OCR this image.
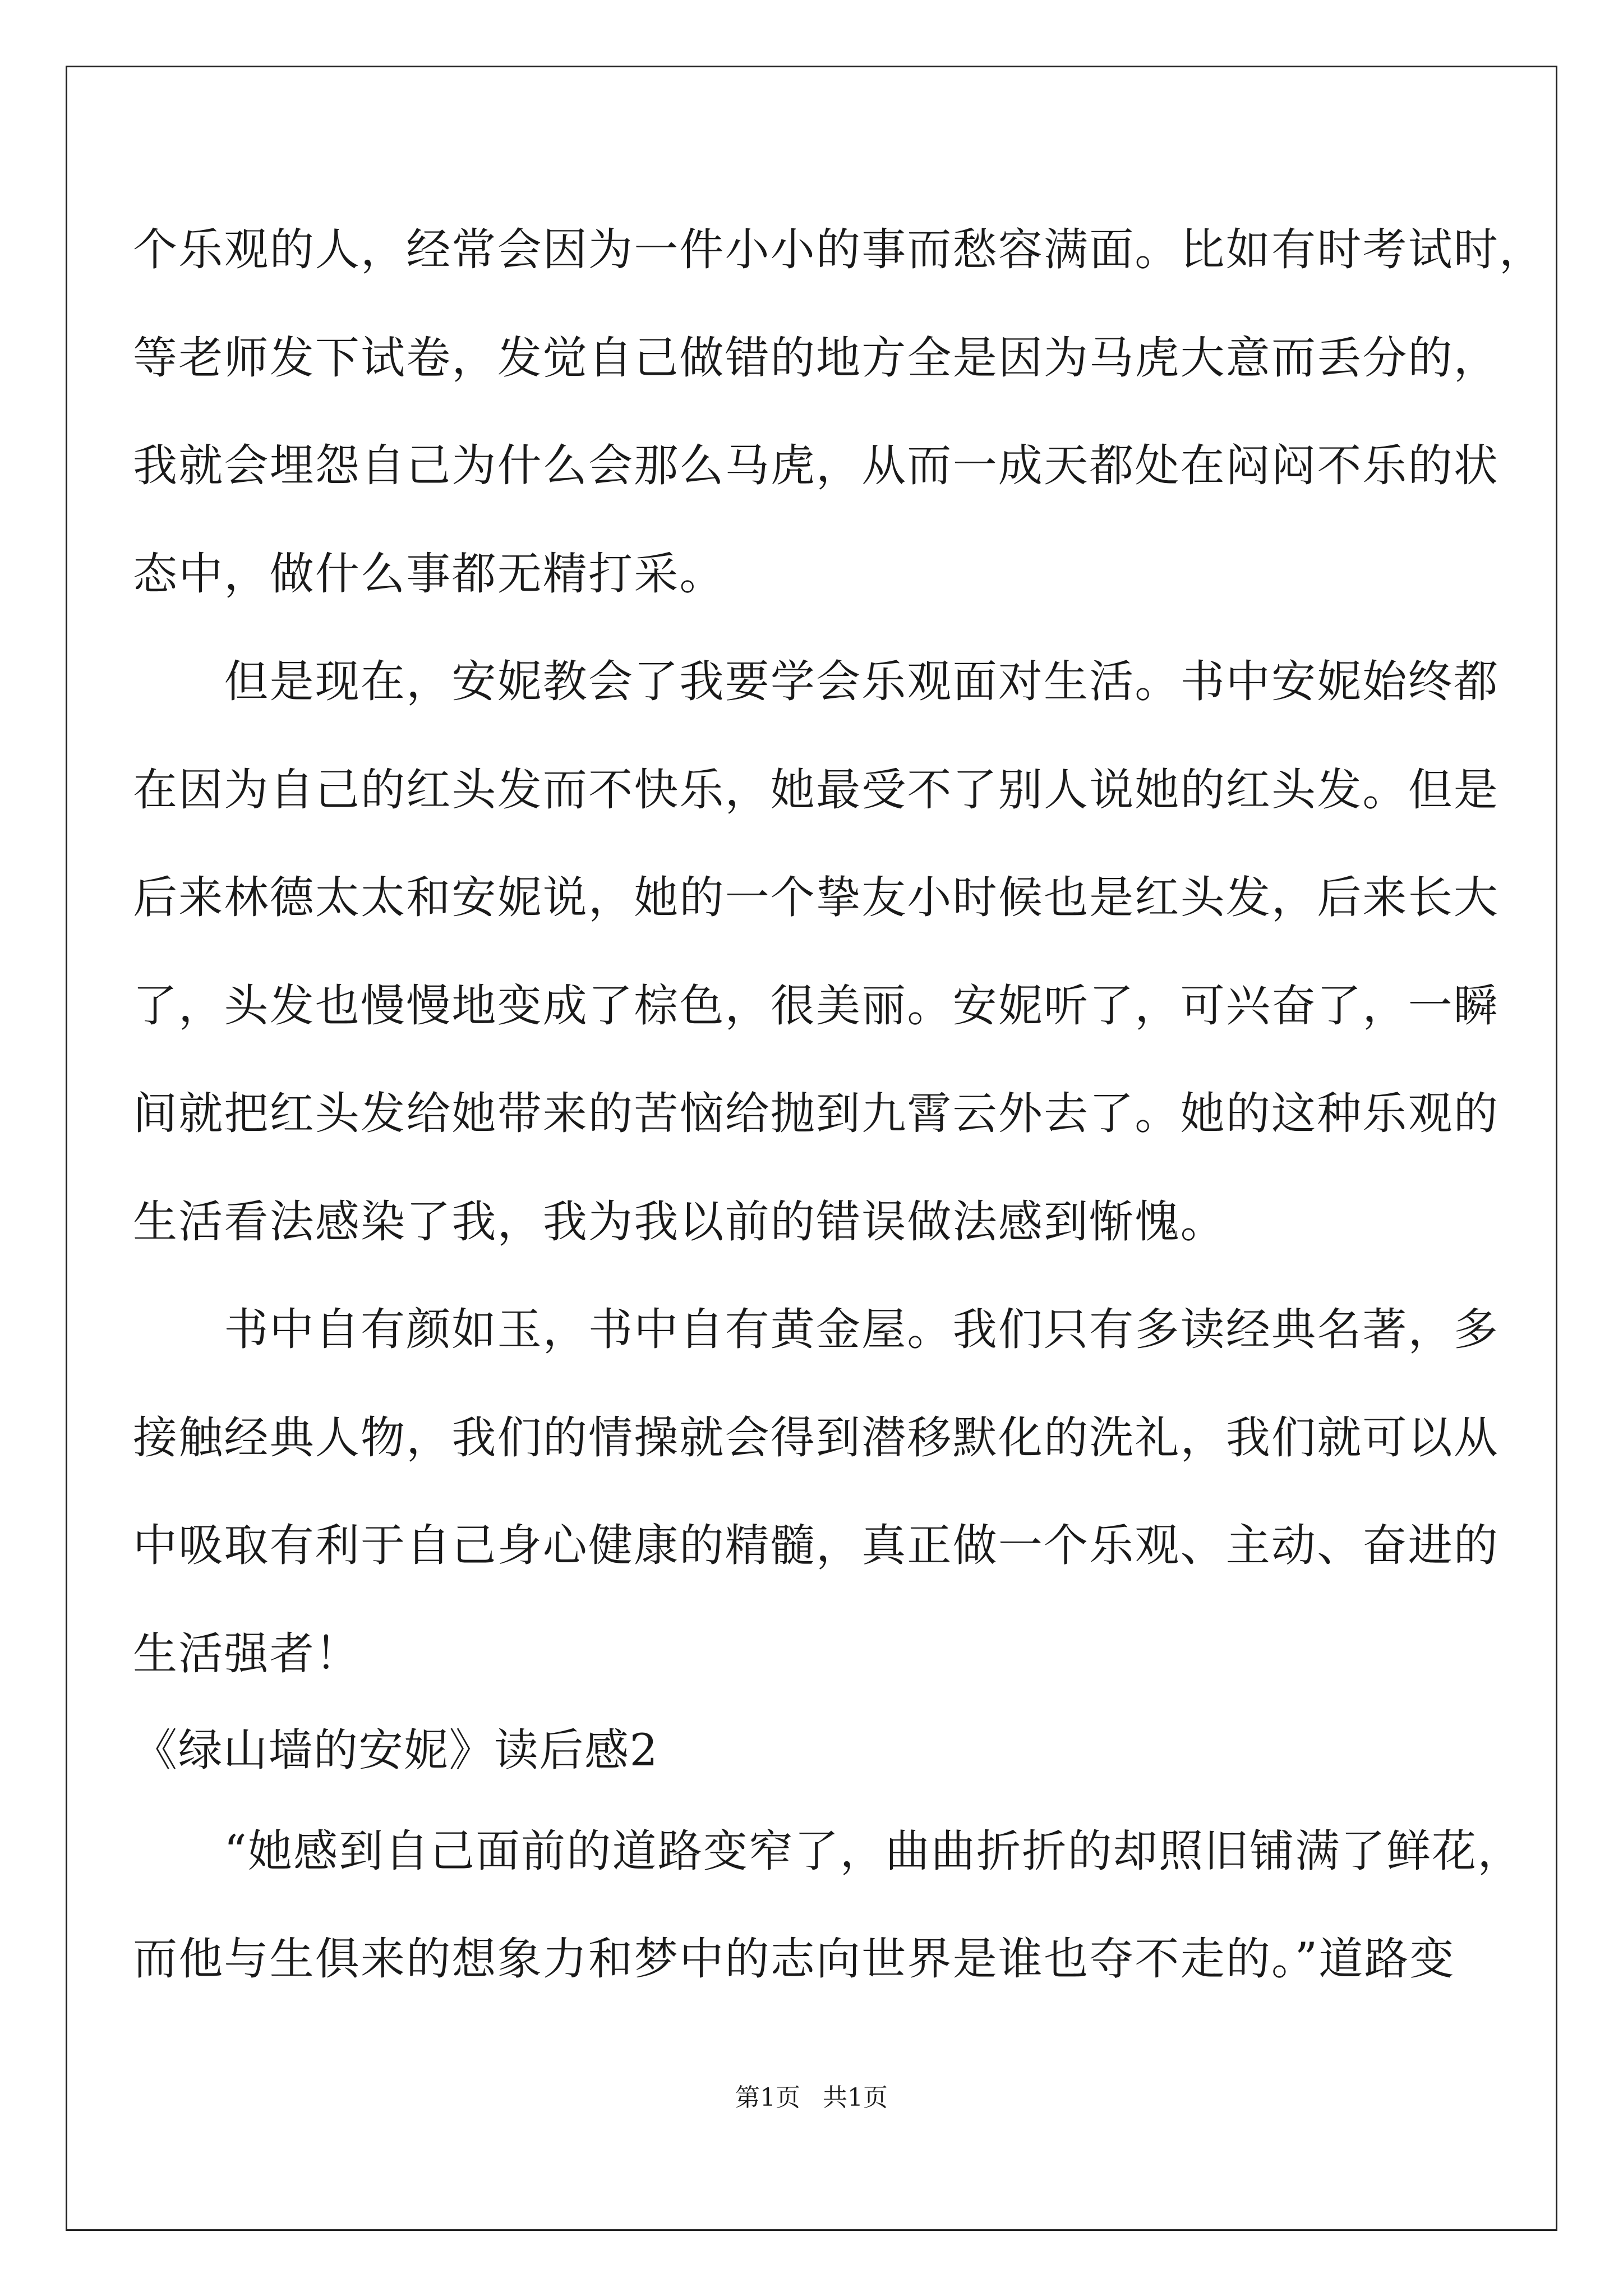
个乐观的人，经常会因为一件小小的事而愁容满面。比如有时考试时，
等老师发下试卷，发觉自己做错的地方全是因为马虎大意而丢分的，
我就会埋怨自己为什么会那么马虎，从而一成天都处在闷闷不乐的状
态中，做什么事都无精打采。
　　但是现在，安妮教会了我要学会乐观面对生活。书中安妮始终都
在因为自己的红头发而不快乐，她最受不了别人说她的红头发。但是
后来林德太太和安妮说，她的一个挚友小时候也是红头发，后来长大
了，头发也慢慢地变成了棕色，很美丽。安妮听了，可兴奋了，一瞬
间就把红头发给她带来的苦恼给抛到九霄云外去了。她的这种乐观的
生活看法感染了我，我为我以前的错误做法感到惭愧。
　　书中自有颜如玉，书中自有黄金屋。我们只有多读经典名著，多
接触经典人物，我们的情操就会得到潜移默化的洗礼，我们就可以从
中吸取有利于自己身心健康的精髓，真正做一个乐观、主动、奋进的
生活强者！
《绿山墙的安妮》读后感2
　　“她感到自己面前的道路变窄了，曲曲折折的却照旧铺满了鲜花，
而他与生俱来的想象力和梦中的志向世界是谁也夺不走的。”道路变
第1页 共1页
